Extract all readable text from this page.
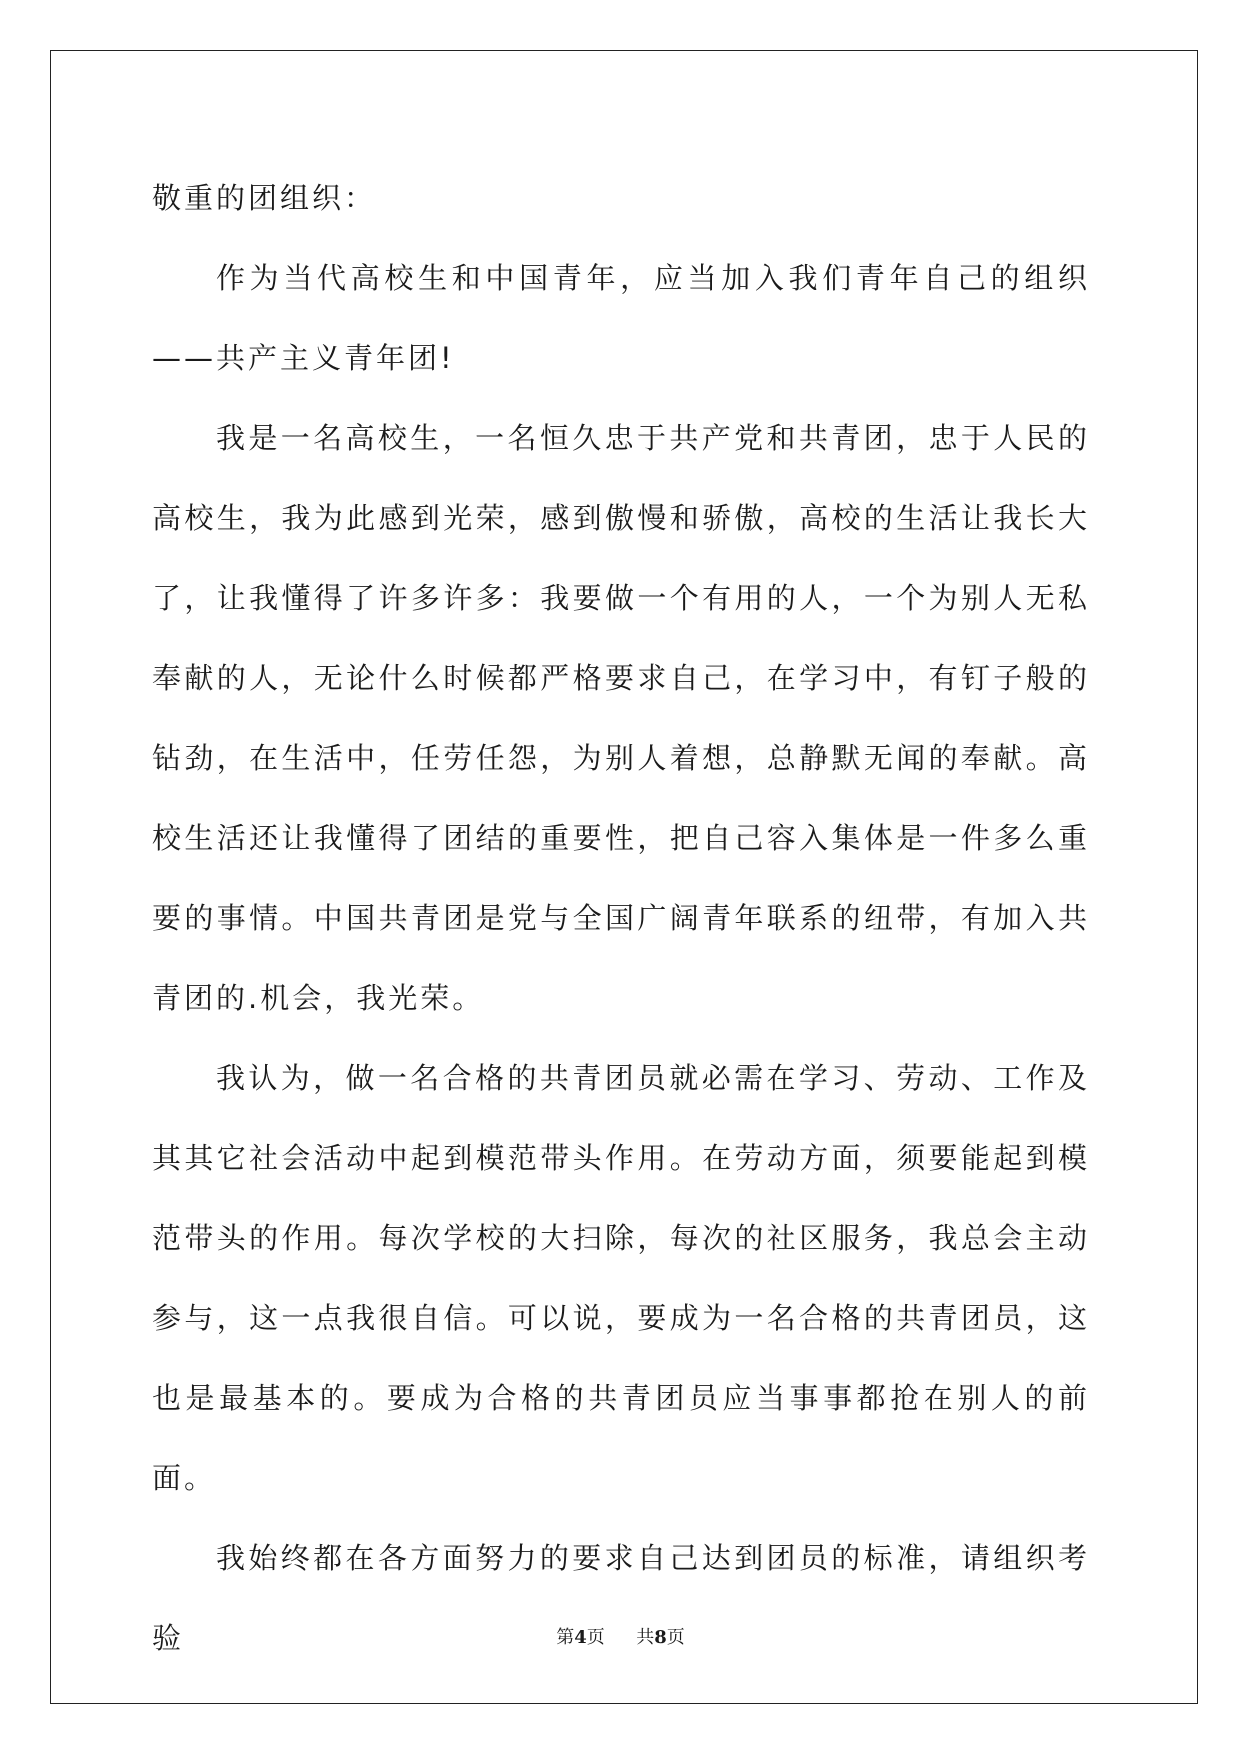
敬重的团组织：

作为当代高校生和中国青年，应当加入我们青年自己的组织——共产主义青年团!

我是一名高校生，一名恒久忠于共产党和共青团，忠于人民的高校生，我为此感到光荣，感到傲慢和骄傲，高校的生活让我长大了，让我懂得了许多许多：我要做一个有用的人，一个为别人无私奉献的人，无论什么时候都严格要求自己，在学习中，有钉子般的钻劲，在生活中，任劳任怨，为别人着想，总静默无闻的奉献。高校生活还让我懂得了团结的重要性，把自己容入集体是一件多么重要的事情。中国共青团是党与全国广阔青年联系的纽带，有加入共青团的.机会，我光荣。

我认为，做一名合格的共青团员就必需在学习、劳动、工作及其其它社会活动中起到模范带头作用。在劳动方面，须要能起到模范带头的作用。每次学校的大扫除，每次的社区服务，我总会主动参与，这一点我很自信。可以说，要成为一名合格的共青团员，这也是最基本的。要成为合格的共青团员应当事事都抢在别人的前面。

我始终都在各方面努力的要求自己达到团员的标准，请组织考验	第4页 共8页
